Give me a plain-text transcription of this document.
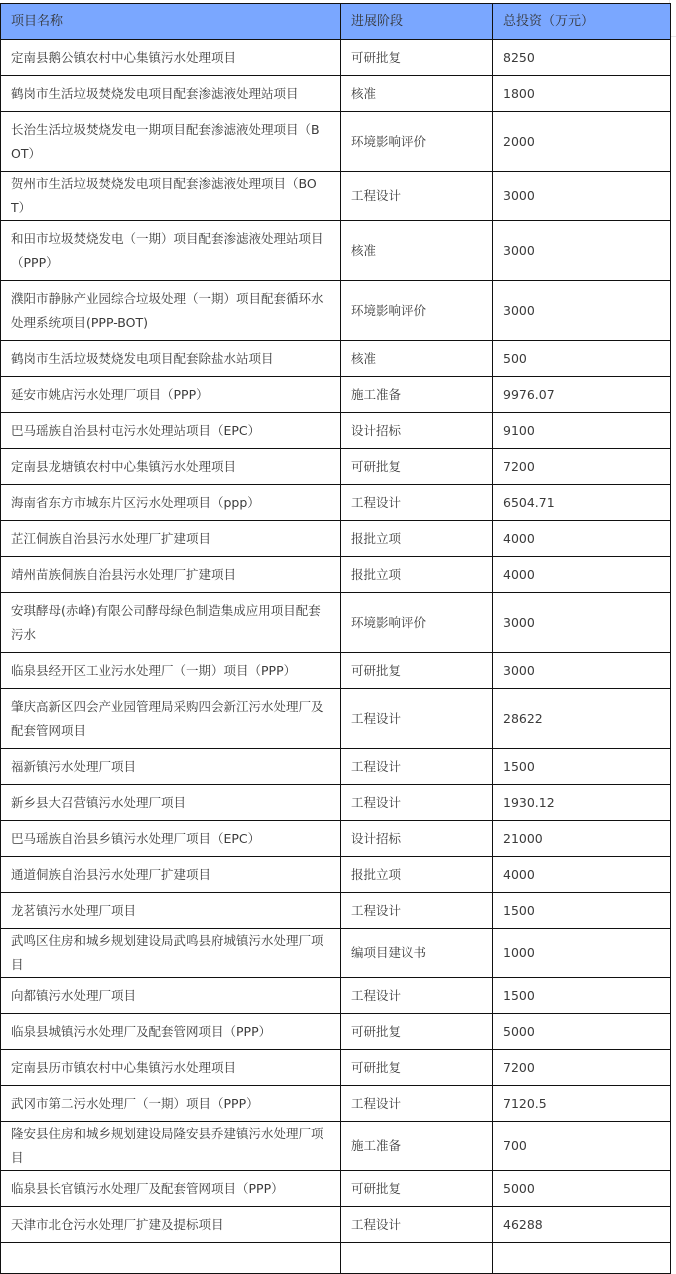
项目名称	进展阶段	总投资（万元）
定南县鹅公镇农村中心集镇污水处理项目	可研批复	8250
鹤岗市生活垃圾焚烧发电项目配套渗滤液处理站项目	核准	1800
长治生活垃圾焚烧发电一期项目配套渗滤液处理项目（BOT）	环境影响评价	2000
贺州市生活垃圾焚烧发电项目配套渗滤液处理项目（BOT）	工程设计	3000
和田市垃圾焚烧发电（一期）项目配套渗滤液处理站项目（PPP）	核准	3000
濮阳市静脉产业园综合垃圾处理（一期）项目配套循环水处理系统项目(PPP-BOT)	环境影响评价	3000
鹤岗市生活垃圾焚烧发电项目配套除盐水站项目	核准	500
延安市姚店污水处理厂项目（PPP）	施工准备	9976.07
巴马瑶族自治县村屯污水处理站项目（EPC）	设计招标	9100
定南县龙塘镇农村中心集镇污水处理项目	可研批复	7200
海南省东方市城东片区污水处理项目（ppp）	工程设计	6504.71
芷江侗族自治县污水处理厂扩建项目	报批立项	4000
靖州苗族侗族自治县污水处理厂扩建项目	报批立项	4000
安琪酵母(赤峰)有限公司酵母绿色制造集成应用项目配套污水	环境影响评价	3000
临泉县经开区工业污水处理厂（一期）项目（PPP）	可研批复	3000
肇庆高新区四会产业园管理局采购四会新江污水处理厂及配套管网项目	工程设计	28622
福新镇污水处理厂项目	工程设计	1500
新乡县大召营镇污水处理厂项目	工程设计	1930.12
巴马瑶族自治县乡镇污水处理厂项目（EPC）	设计招标	21000
通道侗族自治县污水处理厂扩建项目	报批立项	4000
龙茗镇污水处理厂项目	工程设计	1500
武鸣区住房和城乡规划建设局武鸣县府城镇污水处理厂项目	编项目建议书	1000
向都镇污水处理厂项目	工程设计	1500
临泉县城镇污水处理厂及配套管网项目（PPP）	可研批复	5000
定南县历市镇农村中心集镇污水处理项目	可研批复	7200
武冈市第二污水处理厂（一期）项目（PPP）	工程设计	7120.5
隆安县住房和城乡规划建设局隆安县乔建镇污水处理厂项目	施工准备	700
临泉县长官镇污水处理厂及配套管网项目（PPP）	可研批复	5000
天津市北仓污水处理厂扩建及提标项目	工程设计	46288
